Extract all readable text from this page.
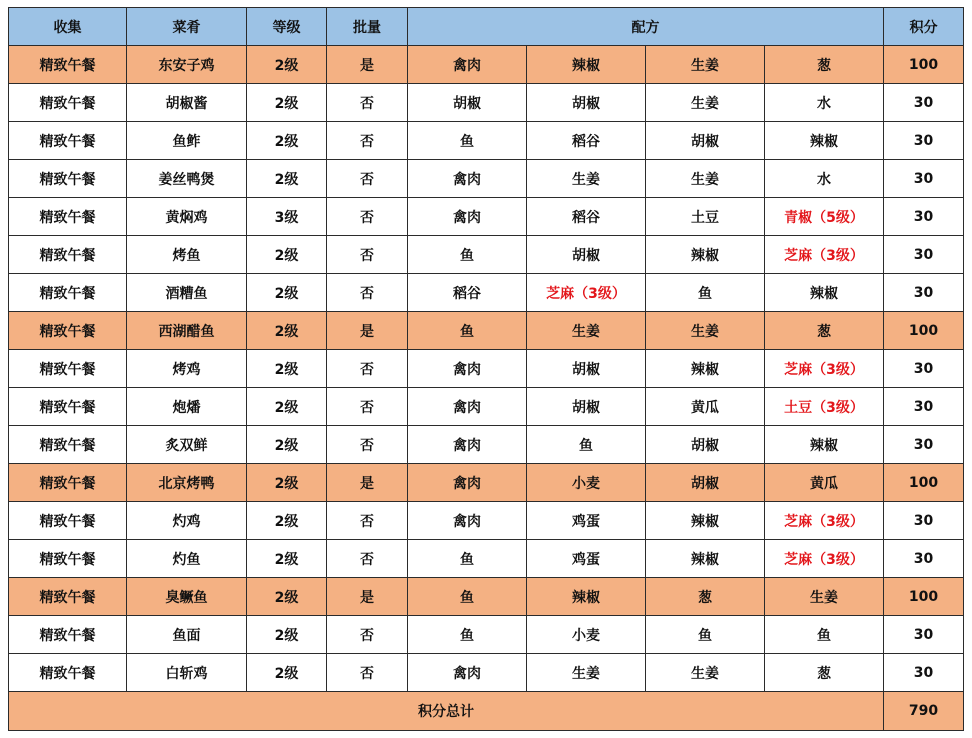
收集	菜肴	等级	批量	配方				积分
精致午餐	东安子鸡	2级	是	禽肉	辣椒	生姜	葱	100
精致午餐	胡椒酱	2级	否	胡椒	胡椒	生姜	水	30
精致午餐	鱼鲊	2级	否	鱼	稻谷	胡椒	辣椒	30
精致午餐	姜丝鸭煲	2级	否	禽肉	生姜	生姜	水	30
精致午餐	黄焖鸡	3级	否	禽肉	稻谷	土豆	青椒（5级）	30
精致午餐	烤鱼	2级	否	鱼	胡椒	辣椒	芝麻（3级）	30
精致午餐	酒糟鱼	2级	否	稻谷	芝麻（3级）	鱼	辣椒	30
精致午餐	西湖醋鱼	2级	是	鱼	生姜	生姜	葱	100
精致午餐	烤鸡	2级	否	禽肉	胡椒	辣椒	芝麻（3级）	30
精致午餐	炮燔	2级	否	禽肉	胡椒	黄瓜	土豆（3级）	30
精致午餐	炙双鲜	2级	否	禽肉	鱼	胡椒	辣椒	30
精致午餐	北京烤鸭	2级	是	禽肉	小麦	胡椒	黄瓜	100
精致午餐	灼鸡	2级	否	禽肉	鸡蛋	辣椒	芝麻（3级）	30
精致午餐	灼鱼	2级	否	鱼	鸡蛋	辣椒	芝麻（3级）	30
精致午餐	臭鳜鱼	2级	是	鱼	辣椒	葱	生姜	100
精致午餐	鱼面	2级	否	鱼	小麦	鱼	鱼	30
精致午餐	白斩鸡	2级	否	禽肉	生姜	生姜	葱	30
积分总计								790
